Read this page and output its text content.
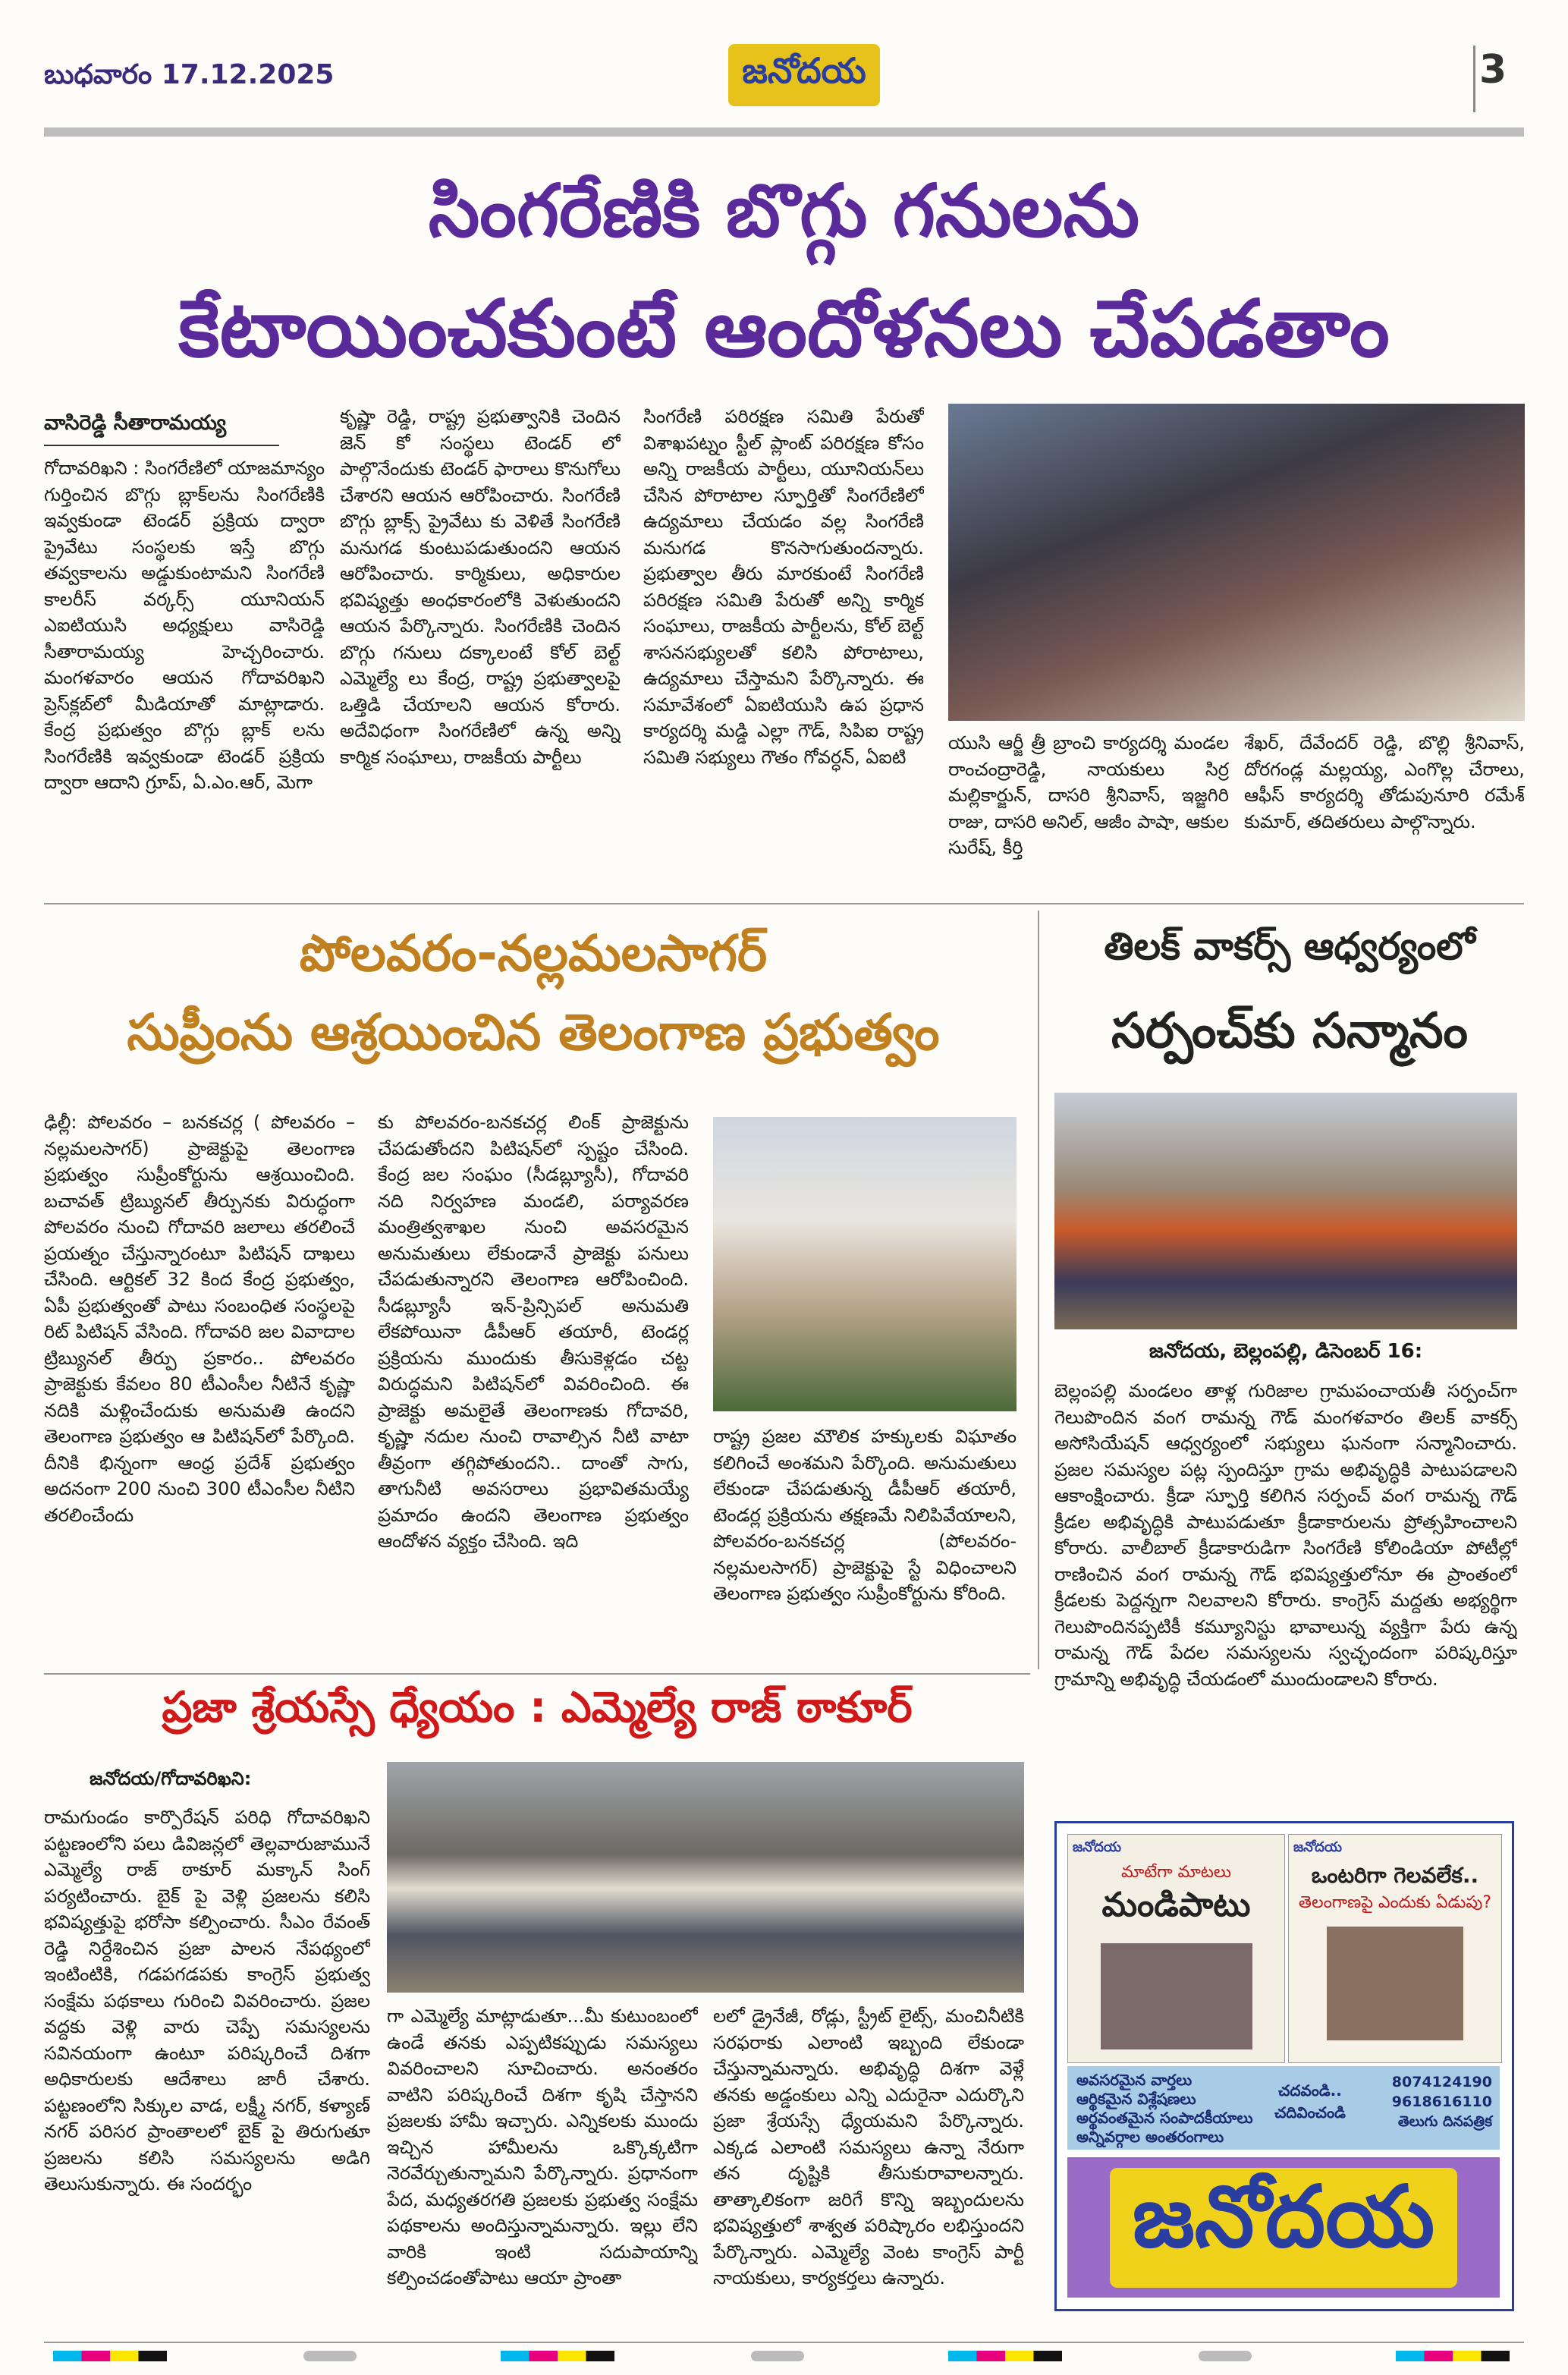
బుధవారం 17.12.2025	జనోదయ	3
సింగరేణికి బొగ్గు గనులను
కేటాయించకుంటే ఆందోళనలు చేపడతాం
వాసిరెడ్డి సీతారామయ్య

గోదావరిఖని : సింగరేణిలో యాజమాన్యం గుర్తించిన బొగ్గు బ్లాక్‌లను సింగరేణికి ఇవ్వకుండా టెండర్ ప్రక్రియ ద్వారా ప్రైవేటు సంస్థలకు ఇస్తే బొగ్గు తవ్వకాలను అడ్డుకుంటామని సింగరేణి కాలరీస్ వర్కర్స్ యూనియన్ ఎఐటియుసి అధ్యక్షులు వాసిరెడ్డి సీతారామయ్య హెచ్చరించారు. మంగళవారం ఆయన గోదావరిఖని ప్రెస్‌క్లబ్‌లో మీడియాతో మాట్లాడారు. కేంద్ర ప్రభుత్వం బొగ్గు బ్లాక్ లను సింగరేణికి ఇవ్వకుండా టెండర్ ప్రక్రియ ద్వారా ఆదాని గ్రూప్, ఏ.ఎం.ఆర్, మెగా

కృష్ణా రెడ్డి, రాష్ట్ర ప్రభుత్వానికి చెందిన జెన్ కో సంస్థలు టెండర్ లో పాల్గొనేందుకు టెండర్ ఫారాలు కొనుగోలు చేశారని ఆయన ఆరోపించారు. సింగరేణి బొగ్గు బ్లాక్స్ ప్రైవేటు కు వెళితే సింగరేణి మనుగడ కుంటుపడుతుందని ఆయన ఆరోపించారు. కార్మికులు, అధికారుల భవిష్యత్తు అంధకారంలోకి వెళుతుందని ఆయన పేర్కొన్నారు. సింగరేణికి చెందిన బొగ్గు గనులు దక్కాలంటే కోల్ బెల్ట్ ఎమ్మెల్యే లు కేంద్ర, రాష్ట్ర ప్రభుత్వాలపై ఒత్తిడి చేయాలని ఆయన కోరారు. అదేవిధంగా సింగరేణిలో ఉన్న అన్ని కార్మిక సంఘాలు, రాజకీయ పార్టీలు

సింగరేణి పరిరక్షణ సమితి పేరుతో విశాఖపట్నం స్టీల్ ప్లాంట్ పరిరక్షణ కోసం అన్ని రాజకీయ పార్టీలు, యూనియన్‌లు చేసిన పోరాటాల స్ఫూర్తితో సింగరేణిలో ఉద్యమాలు చేయడం వల్ల సింగరేణి మనుగడ కొనసాగుతుందన్నారు. ప్రభుత్వాల తీరు మారకుంటే సింగరేణి పరిరక్షణ సమితి పేరుతో అన్ని కార్మిక సంఘాలు, రాజకీయ పార్టీలను, కోల్ బెల్ట్ శాసనసభ్యులతో కలిసి పోరాటాలు, ఉద్యమాలు చేస్తామని పేర్కొన్నారు. ఈ సమావేశంలో ఏఐటియుసి ఉప ప్రధాన కార్యదర్శి మడ్డి ఎల్లా గౌడ్, సిపిఐ రాష్ట్ర సమితి సభ్యులు గౌతం గోవర్ధన్, ఏఐటి

యుసి ఆర్జీ త్రీ బ్రాంచి కార్యదర్శి మండల రాంచంద్రారెడ్డి, నాయకులు సిర్ర మల్లికార్జున్, దాసరి శ్రీనివాస్, ఇజ్జగిరి రాజు, దాసరి అనిల్, ఆజీం పాషా, ఆకుల సురేష్, కీర్తి

శేఖర్, దేవేందర్ రెడ్డి, బొల్లి శ్రీనివాస్, దోరగండ్ల మల్లయ్య, ఎంగొల్ల చేరాలు, ఆఫీస్ కార్యదర్శి తోడుపునూరి రమేశ్ కుమార్, తదితరులు పాల్గొన్నారు.

పోలవరం-నల్లమలసాగర్
సుప్రీంను ఆశ్రయించిన తెలంగాణ ప్రభుత్వం

ఢిల్లీ: పోలవరం – బనకచర్ల ( పోలవరం –నల్లమలసాగర్) ప్రాజెక్టుపై తెలంగాణ ప్రభుత్వం సుప్రీంకోర్టును ఆశ్రయించింది. బచావత్ ట్రిబ్యునల్ తీర్పునకు విరుద్ధంగా పోలవరం నుంచి గోదావరి జలాలు తరలించే ప్రయత్నం చేస్తున్నారంటూ పిటిషన్ దాఖలు చేసింది. ఆర్టికల్ 32 కింద కేంద్ర ప్రభుత్వం, ఏపీ ప్రభుత్వంతో పాటు సంబంధిత సంస్థలపై రిట్ పిటిషన్ వేసింది. గోదావరి జల వివాదాల ట్రిబ్యునల్ తీర్పు ప్రకారం.. పోలవరం ప్రాజెక్టుకు కేవలం 80 టీఎంసీల నీటినే కృష్ణా నదికి మళ్లించేందుకు అనుమతి ఉందని తెలంగాణ ప్రభుత్వం ఆ పిటిషన్‌లో పేర్కొంది. దీనికి భిన్నంగా ఆంధ్ర ప్రదేశ్ ప్రభుత్వం అదనంగా 200 నుంచి 300 టీఎంసీల నీటిని తరలించేందు

కు పోలవరం-బనకచర్ల లింక్ ప్రాజెక్టును చేపడుతోందని పిటిషన్‌లో స్పష్టం చేసింది. కేంద్ర జల సంఘం (సీడబ్ల్యూసీ), గోదావరి నది నిర్వహణ మండలి, పర్యావరణ మంత్రిత్వశాఖల నుంచి అవసరమైన అనుమతులు లేకుండానే ప్రాజెక్టు పనులు చేపడుతున్నారని తెలంగాణ ఆరోపించింది. సీడబ్ల్యూసీ ఇన్-ప్రిన్సిపల్ అనుమతి లేకపోయినా డీపీఆర్ తయారీ, టెండర్ల ప్రక్రియను ముందుకు తీసుకెళ్లడం చట్ట విరుద్ధమని పిటిషన్‌లో వివరించింది. ఈ ప్రాజెక్టు అమలైతే తెలంగాణకు గోదావరి, కృష్ణా నదుల నుంచి రావాల్సిన నీటి వాటా తీవ్రంగా తగ్గిపోతుందని.. దాంతో సాగు, తాగునీటి అవసరాలు ప్రభావితమయ్యే ప్రమాదం ఉందని తెలంగాణ ప్రభుత్వం ఆందోళన వ్యక్తం చేసింది. ఇది

రాష్ట్ర ప్రజల మౌలిక హక్కులకు విఘాతం కలిగించే అంశమని పేర్కొంది. అనుమతులు లేకుండా చేపడుతున్న డీపీఆర్ తయారీ, టెండర్ల ప్రక్రియను తక్షణమే నిలిపివేయాలని, పోలవరం-బనకచర్ల (పోలవరం-నల్లమలసాగర్) ప్రాజెక్టుపై స్టే విధించాలని తెలంగాణ ప్రభుత్వం సుప్రీంకోర్టును కోరింది.

తిలక్ వాకర్స్ ఆధ్వర్యంలో
సర్పంచ్‌కు సన్మానం
జనోదయ, బెల్లంపల్లి, డిసెంబర్ 16:

బెల్లంపల్లి మండలం తాళ్ల గురిజాల గ్రామపంచాయతీ సర్పంచ్‌గా గెలుపొందిన వంగ రామన్న గౌడ్ మంగళవారం తిలక్ వాకర్స్ అసోసియేషన్ ఆధ్వర్యంలో సభ్యులు ఘనంగా సన్మానించారు. ప్రజల సమస్యల పట్ల స్పందిస్తూ గ్రామ అభివృద్ధికి పాటుపడాలని ఆకాంక్షించారు. క్రీడా స్ఫూర్తి కలిగిన సర్పంచ్ వంగ రామన్న గౌడ్ క్రీడల అభివృద్ధికి పాటుపడుతూ క్రీడాకారులను ప్రోత్సహించాలని కోరారు. వాలీబాల్ క్రీడాకారుడిగా సింగరేణి కోలిండియా పోటీల్లో రాణించిన వంగ రామన్న గౌడ్ భవిష్యత్తులోనూ ఈ ప్రాంతంలో క్రీడలకు పెద్దన్నగా నిలవాలని కోరారు. కాంగ్రెస్ మద్దతు అభ్యర్థిగా గెలుపొందినప్పటికీ కమ్యూనిస్టు భావాలున్న వ్యక్తిగా పేరు ఉన్న రామన్న గౌడ్ పేదల సమస్యలను స్వచ్ఛందంగా పరిష్కరిస్తూ గ్రామాన్ని అభివృద్ధి చేయడంలో ముందుండాలని కోరారు.

ప్రజా శ్రేయస్సే ధ్యేయం : ఎమ్మెల్యే రాజ్ ఠాకూర్
జనోదయ/గోదావరిఖని:

రామగుండం కార్పొరేషన్ పరిధి గోదావరిఖని పట్టణంలోని పలు డివిజన్లలో తెల్లవారుజామునే ఎమ్మెల్యే రాజ్ ఠాకూర్ మక్కాన్ సింగ్ పర్యటించారు. బైక్ పై వెళ్లి ప్రజలను కలిసి భవిష్యత్తుపై భరోసా కల్పించారు. సీఎం రేవంత్ రెడ్డి నిర్దేశించిన ప్రజా పాలన నేపథ్యంలో ఇంటింటికి, గడపగడపకు కాంగ్రెస్ ప్రభుత్వ సంక్షేమ పథకాలు గురించి వివరించారు. ప్రజల వద్దకు వెళ్లి వారు చెప్పే సమస్యలను సవినయంగా ఉంటూ పరిష్కరించే దిశగా అధికారులకు ఆదేశాలు జారీ చేశారు. పట్టణంలోని సిక్కుల వాడ, లక్ష్మీ నగర్, కళ్యాణ్ నగర్ పరిసర ప్రాంతాలలో బైక్ పై తిరుగుతూ ప్రజలను కలిసి సమస్యలను అడిగి తెలుసుకున్నారు. ఈ సందర్భం

గా ఎమ్మెల్యే మాట్లాడుతూ...మీ కుటుంబంలో ఉండే తనకు ఎప్పటికప్పుడు సమస్యలు వివరించాలని సూచించారు. అనంతరం వాటిని పరిష్కరించే దిశగా కృషి చేస్తానని ప్రజలకు హామీ ఇచ్చారు. ఎన్నికలకు ముందు ఇచ్చిన హామీలను ఒక్కొక్కటిగా నెరవేర్చుతున్నామని పేర్కొన్నారు. ప్రధానంగా పేద, మధ్యతరగతి ప్రజలకు ప్రభుత్వ సంక్షేమ పథకాలను అందిస్తున్నామన్నారు. ఇల్లు లేని వారికి ఇంటి సదుపాయాన్ని కల్పించడంతోపాటు ఆయా ప్రాంతా

లలో డ్రైనేజీ, రోడ్లు, స్ట్రీట్ లైట్స్, మంచినీటికి సరఫరాకు ఎలాంటి ఇబ్బంది లేకుండా చేస్తున్నామన్నారు. అభివృద్ధి దిశగా వెళ్లే తనకు అడ్డంకులు ఎన్ని ఎదురైనా ఎదుర్కొని ప్రజా శ్రేయస్సే ధ్యేయమని పేర్కొన్నారు. ఎక్కడ ఎలాంటి సమస్యలు ఉన్నా నేరుగా తన దృష్టికి తీసుకురావాలన్నారు. తాత్కాలికంగా జరిగే కొన్ని ఇబ్బందులను భవిష్యత్తులో శాశ్వత పరిష్కారం లభిస్తుందని పేర్కొన్నారు. ఎమ్మెల్యే వెంట కాంగ్రెస్ పార్టీ నాయకులు, కార్యకర్తలు ఉన్నారు.

జనోదయ
మాటేగా మాటలు
మండిపాటు
జనోదయ
ఒంటరిగా గెలవలేక..
తెలంగాణపై ఎందుకు ఏడుపు?
అవసరమైన వార్తలు
ఆర్థికమైన విశ్లేషణలు
అర్థవంతమైన సంపాదకీయాలు
అన్నివర్గాల అంతరంగాలు
చదవండి.. చదివించండి
8074124190
9618616110
తెలుగు దినపత్రిక
జనోదయ
